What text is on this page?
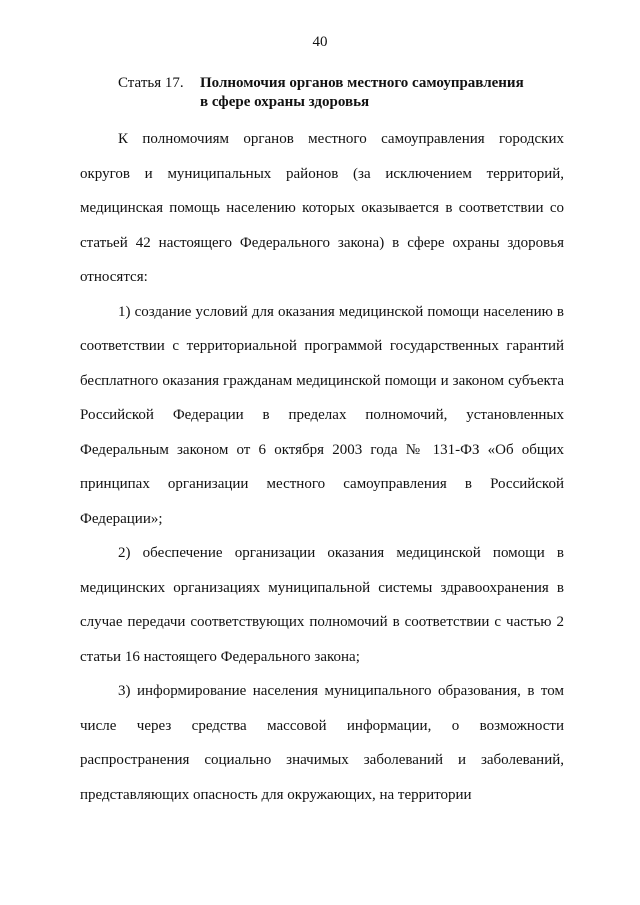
40
Статья 17. Полномочия органов местного самоуправления
в сфере охраны здоровья

К полномочиям органов местного самоуправления городских округов и муниципальных районов (за исключением территорий, медицинская помощь населению которых оказывается в соответствии со статьей 42 настоящего Федерального закона) в сфере охраны здоровья относятся:

1) создание условий для оказания медицинской помощи населению в соответствии с территориальной программой государственных гарантий бесплатного оказания гражданам медицинской помощи и законом субъекта Российской Федерации в пределах полномочий, установленных Федеральным законом от 6 октября 2003 года № 131-ФЗ «Об общих принципах организации местного самоуправления в Российской Федерации»;

2) обеспечение организации оказания медицинской помощи в медицинских организациях муниципальной системы здравоохранения в случае передачи соответствующих полномочий в соответствии с частью 2 статьи 16 настоящего Федерального закона;

3) информирование населения муниципального образования, в том числе через средства массовой информации, о возможности распространения социально значимых заболеваний и заболеваний, представляющих опасность для окружающих, на территории
